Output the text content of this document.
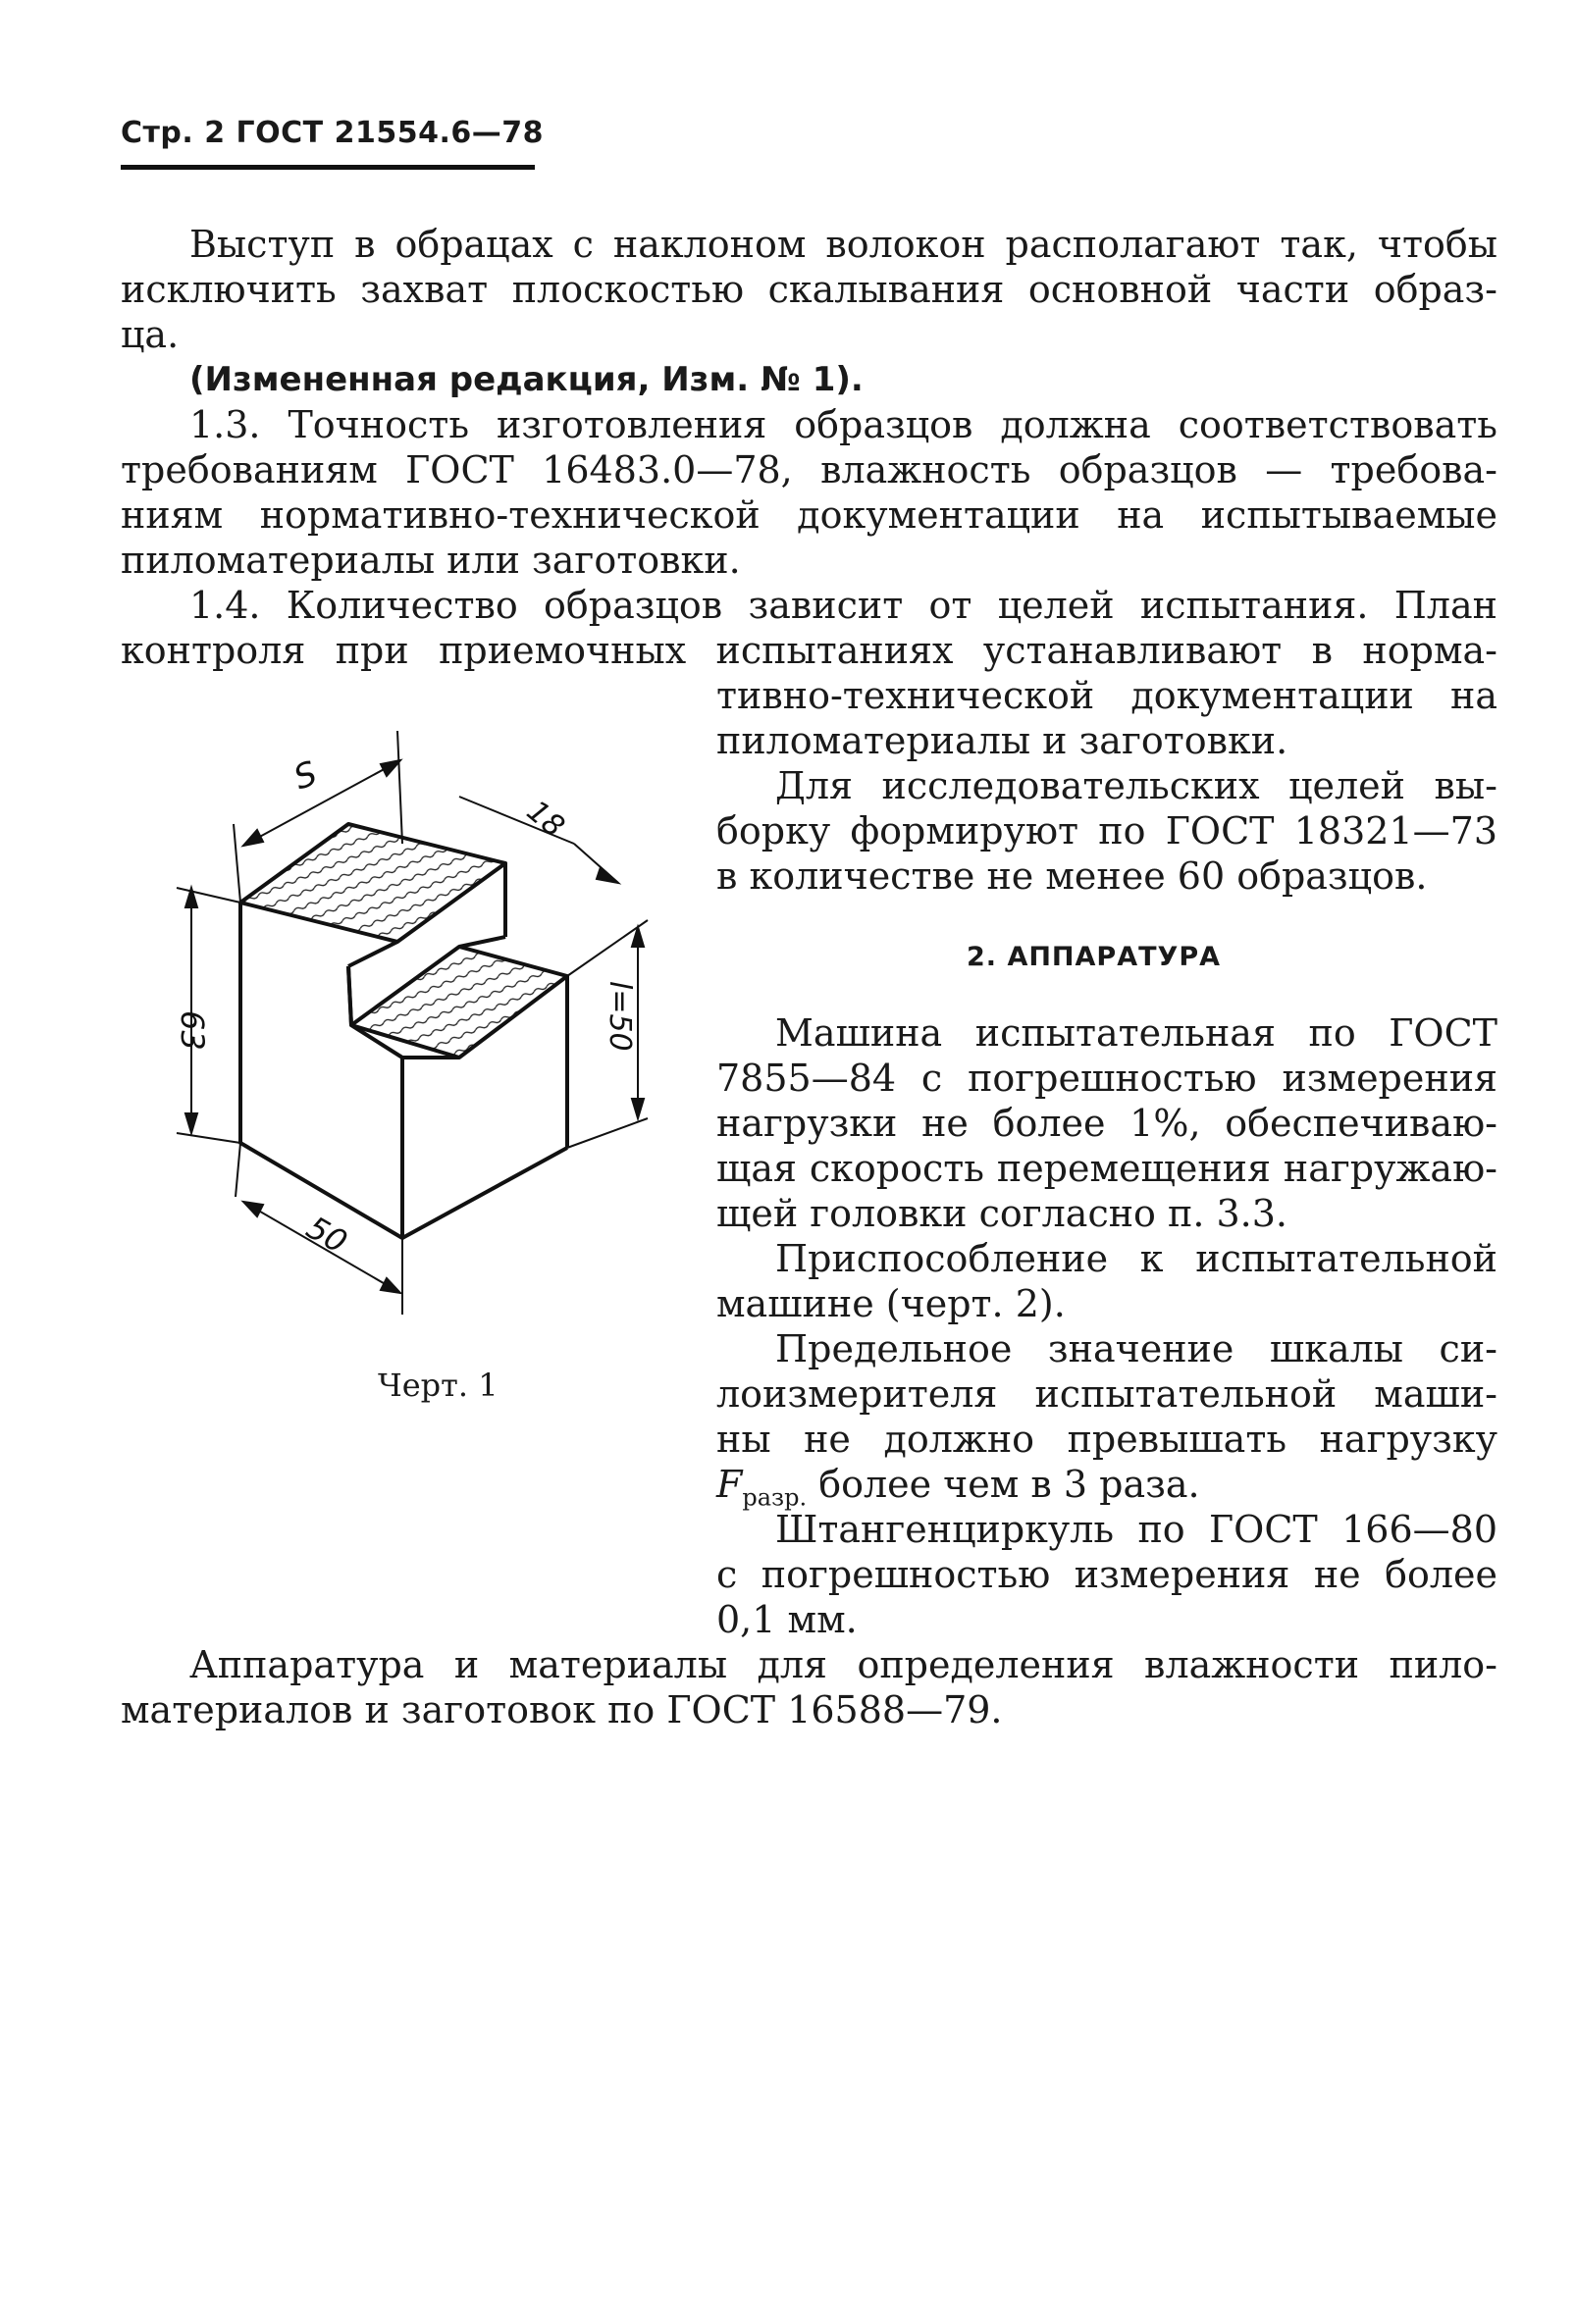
Стр. 2 ГОСТ 21554.6—78
Выступ в обрацах с наклоном волокон располагают так, чтобы
исключить захват плоскостью скалывания основной части образ-
ца.
(Измененная редакция, Изм. № 1).
1.3. Точность изготовления образцов должна соответствовать
требованиям ГОСТ 16483.0—78, влажность образцов — требова-
ниям нормативно-технической документации на испытываемые
пиломатериалы или заготовки.
1.4. Количество образцов зависит от целей испытания. План
контроля при приемочных испытаниях устанавливают в норма-
тивно-технической документации на
пиломатериалы и заготовки.
Для исследовательских целей вы-
борку формируют по ГОСТ 18321—73
в количестве не менее 60 образцов.
S
18
63	l=50
50
Черт. 1
2. АППАРАТУРА
Машина испытательная по ГОСТ
7855—84 с погрешностью измерения
нагрузки не более 1%, обеспечиваю-
щая скорость перемещения нагружаю-
щей головки согласно п. 3.3.
Приспособление к испытательной
машине (черт. 2).
Предельное значение шкалы си-
лоизмерителя испытательной маши-
ны не должно превышать нагрузку
$F_{разр.}$ более чем в 3 раза.
Штангенциркуль по ГОСТ 166—80
с погрешностью измерения не более
0,1 мм.
Аппаратура и материалы для определения влажности пило-
материалов и заготовок по ГОСТ 16588—79.
